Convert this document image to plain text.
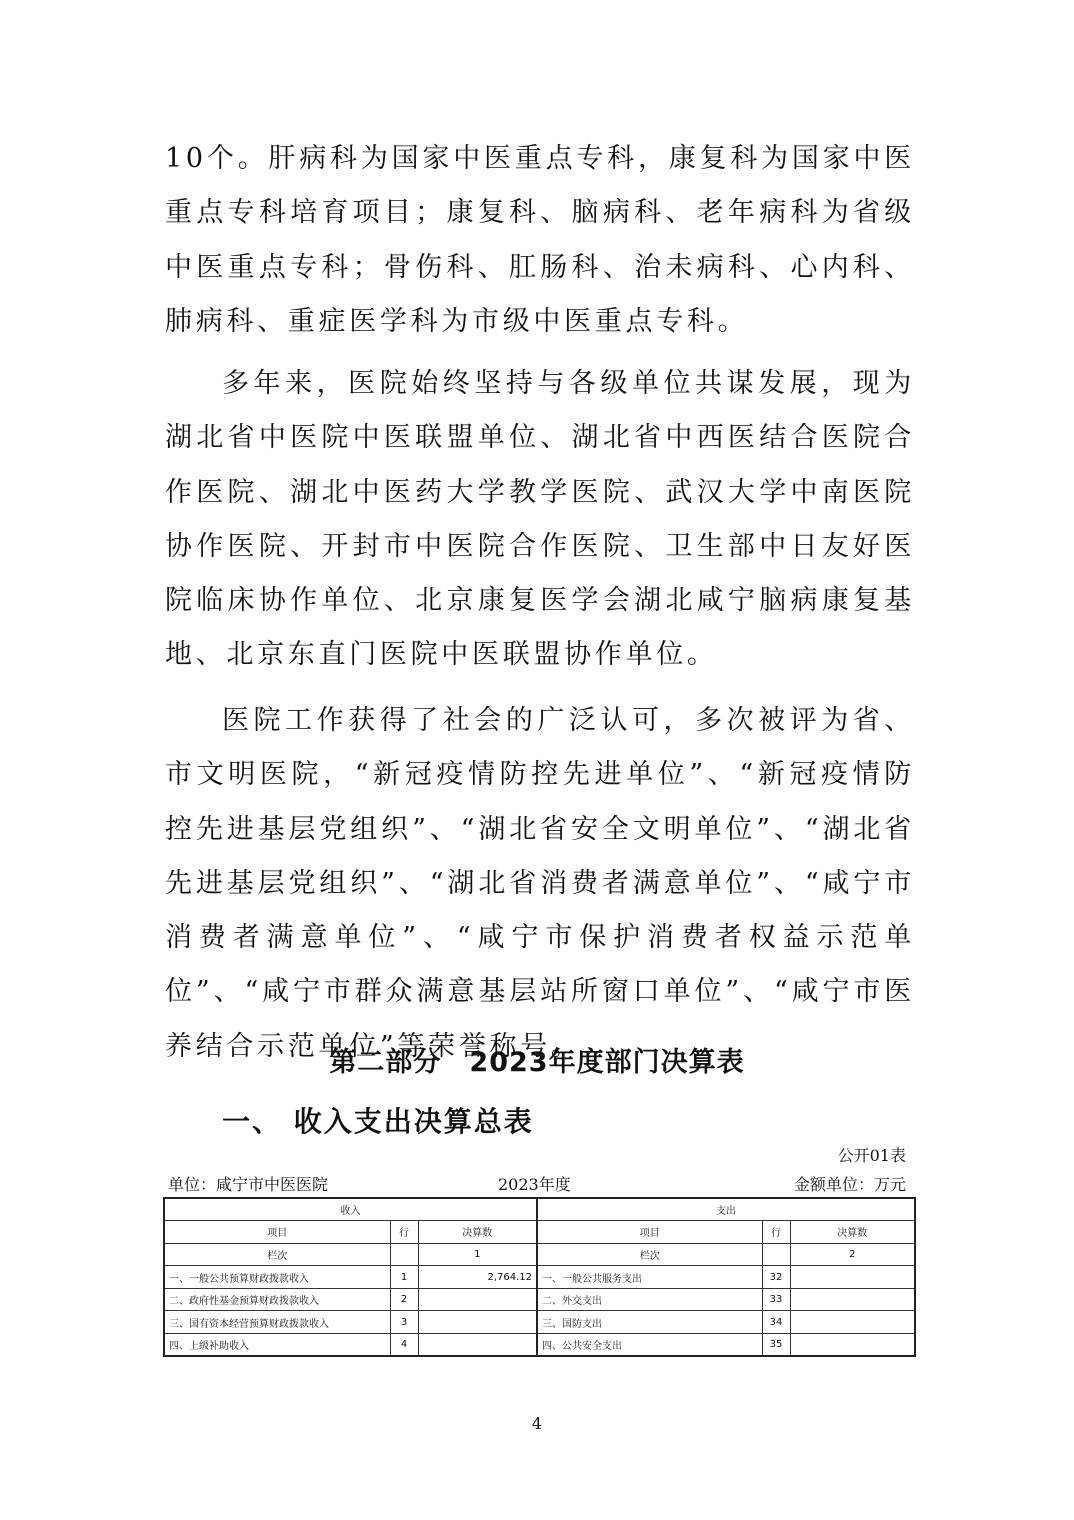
10个。肝病科为国家中医重点专科，康复科为国家中医重点专科培育项目；康复科、脑病科、老年病科为省级中医重点专科；骨伤科、肛肠科、治未病科、心内科、肺病科、重症医学科为市级中医重点专科。

多年来，医院始终坚持与各级单位共谋发展，现为湖北省中医院中医联盟单位、湖北省中西医结合医院合作医院、湖北中医药大学教学医院、武汉大学中南医院协作医院、开封市中医院合作医院、卫生部中日友好医院临床协作单位、北京康复医学会湖北咸宁脑病康复基地、北京东直门医院中医联盟协作单位。

医院工作获得了社会的广泛认可，多次被评为省、市文明医院，“新冠疫情防控先进单位”、“新冠疫情防控先进基层党组织”、“湖北省安全文明单位”、“湖北省先进基层党组织”、“湖北省消费者满意单位”、“咸宁市消费者满意单位”、“咸宁市保护消费者权益示范单位”、“咸宁市群众满意基层站所窗口单位”、“咸宁市医养结合示范单位”等荣誉称号。

第二部分　2023年度部门决算表
一、 收入支出决算总表

公开01表

单位：咸宁市中医医院	2023年度	金额单位：万元

收入			支出		
项目	行	决算数	项目	行	决算数
栏次		1	栏次		2
一、一般公共预算财政拨款收入	1	2,764.12	一、一般公共服务支出	32	
二、政府性基金预算财政拨款收入	2		二、外交支出	33	
三、国有资本经营预算财政拨款收入	3		三、国防支出	34	
四、上级补助收入	4		四、公共安全支出	35	

4
